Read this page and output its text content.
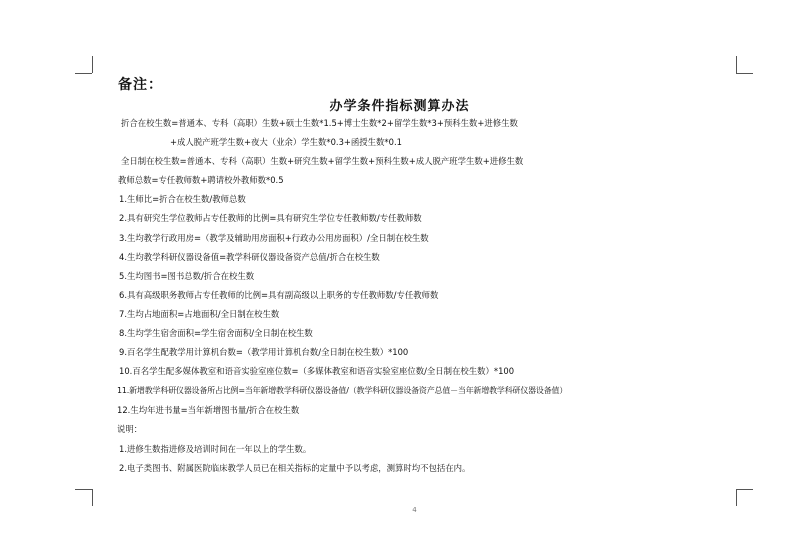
备注：
办学条件指标测算办法
折合在校生数=普通本、专科（高职）生数+硕士生数*1.5+博士生数*2+留学生数*3+预科生数+进修生数
+成人脱产班学生数+夜大（业余）学生数*0.3+函授生数*0.1
全日制在校生数=普通本、专科（高职）生数+研究生数+留学生数+预科生数+成人脱产班学生数+进修生数
教师总数=专任教师数+聘请校外教师数*0.5
1.生师比=折合在校生数/教师总数
2.具有研究生学位教师占专任教师的比例=具有研究生学位专任教师数/专任教师数
3.生均教学行政用房=（教学及辅助用房面积+行政办公用房面积）/全日制在校生数
4.生均教学科研仪器设备值=教学科研仪器设备资产总值/折合在校生数
5.生均图书=图书总数/折合在校生数
6.具有高级职务教师占专任教师的比例=具有副高级以上职务的专任教师数/专任教师数
7.生均占地面积=占地面积/全日制在校生数
8.生均学生宿舍面积=学生宿舍面积/全日制在校生数
9.百名学生配教学用计算机台数=（教学用计算机台数/全日制在校生数）*100
10.百名学生配多媒体教室和语音实验室座位数=（多媒体教室和语音实验室座位数/全日制在校生数）*100
11.新增教学科研仪器设备所占比例=当年新增教学科研仪器设备值/（教学科研仪器设备资产总值－当年新增教学科研仪器设备值）
12.生均年进书量=当年新增图书量/折合在校生数
说明：
1.进修生数指进修及培训时间在一年以上的学生数。
2.电子类图书、附属医院临床教学人员已在相关指标的定量中予以考虑，测算时均不包括在内。
4
